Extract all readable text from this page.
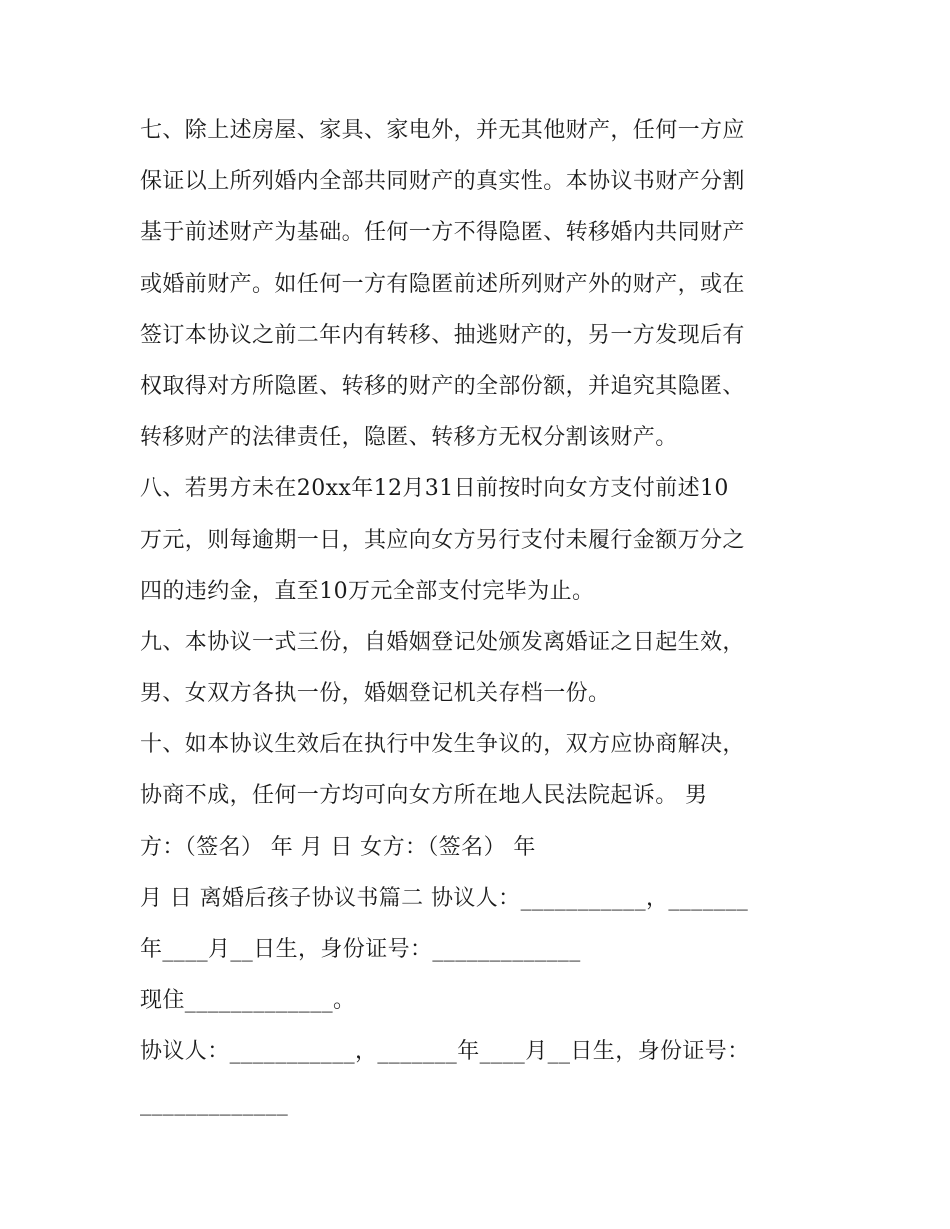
七、除上述房屋、家具、家电外，并无其他财产，任何一方应
保证以上所列婚内全部共同财产的真实性。本协议书财产分割
基于前述财产为基础。任何一方不得隐匿、转移婚内共同财产
或婚前财产。如任何一方有隐匿前述所列财产外的财产，或在
签订本协议之前二年内有转移、抽逃财产的，另一方发现后有
权取得对方所隐匿、转移的财产的全部份额，并追究其隐匿、
转移财产的法律责任，隐匿、转移方无权分割该财产。
八、若男方未在20xx年12月31日前按时向女方支付前述10
万元，则每逾期一日，其应向女方另行支付未履行金额万分之
四的违约金，直至10万元全部支付完毕为止。
九、本协议一式三份，自婚姻登记处颁发离婚证之日起生效，
男、女双方各执一份，婚姻登记机关存档一份。
十、如本协议生效后在执行中发生争议的，双方应协商解决，
协商不成，任何一方均可向女方所在地人民法院起诉。 男
方：（签名） 年 月 日 女方：（签名） 年
月 日 离婚后孩子协议书篇二 协议人：___________，_______
年____月__日生，身份证号：_____________
现住_____________。
协议人：___________，_______年____月__日生，身份证号：
_____________
